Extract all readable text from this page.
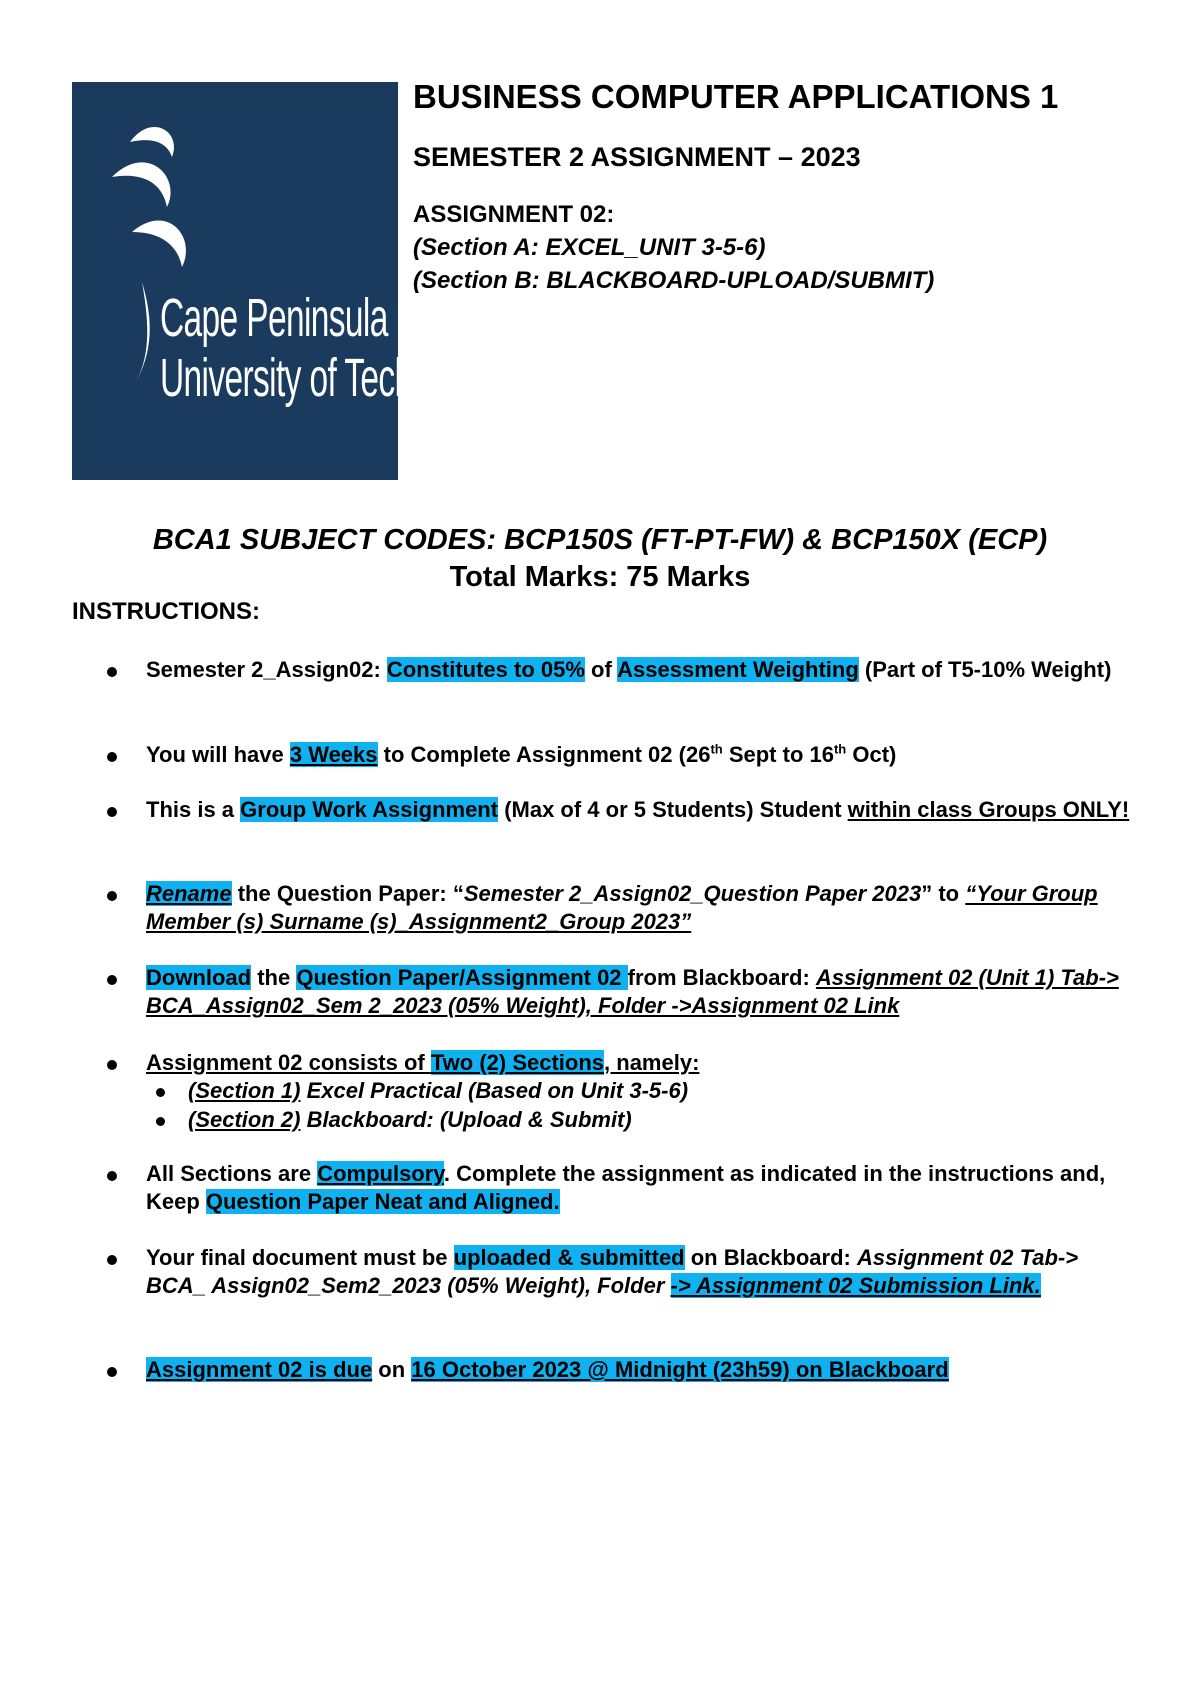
Cape Peninsula
University of Technology
BUSINESS COMPUTER APPLICATIONS 1
SEMESTER 2 ASSIGNMENT – 2023
ASSIGNMENT 02:
(Section A: EXCEL_UNIT 3-5-6)
(Section B: BLACKBOARD-UPLOAD/SUBMIT)
BCA1 SUBJECT CODES: BCP150S (FT-PT-FW) & BCP150X (ECP)
Total Marks: 75 Marks
INSTRUCTIONS:
Semester 2_Assign02: Constitutes to 05% of Assessment Weighting (Part of T5-10% Weight)
You will have 3 Weeks to Complete Assignment 02 (26th Sept to 16th Oct)
This is a Group Work Assignment (Max of 4 or 5 Students) Student within class Groups ONLY!
Rename the Question Paper: “Semester 2_Assign02_Question Paper 2023” to “Your Group Member (s) Surname (s)_Assignment2_Group 2023”
Download the Question Paper/Assignment 02 from Blackboard: Assignment 02 (Unit 1) Tab-> BCA_Assign02_Sem 2_2023 (05% Weight), Folder ->Assignment 02 Link
Assignment 02 consists of Two (2) Sections, namely:
(Section 1) Excel Practical (Based on Unit 3-5-6)
(Section 2) Blackboard: (Upload & Submit)
All Sections are Compulsory. Complete the assignment as indicated in the instructions and, Keep Question Paper Neat and Aligned.
Your final document must be uploaded & submitted on Blackboard: Assignment 02 Tab-> BCA_ Assign02_Sem2_2023 (05% Weight), Folder -> Assignment 02 Submission Link.
Assignment 02 is due on 16 October 2023 @ Midnight (23h59) on Blackboard
